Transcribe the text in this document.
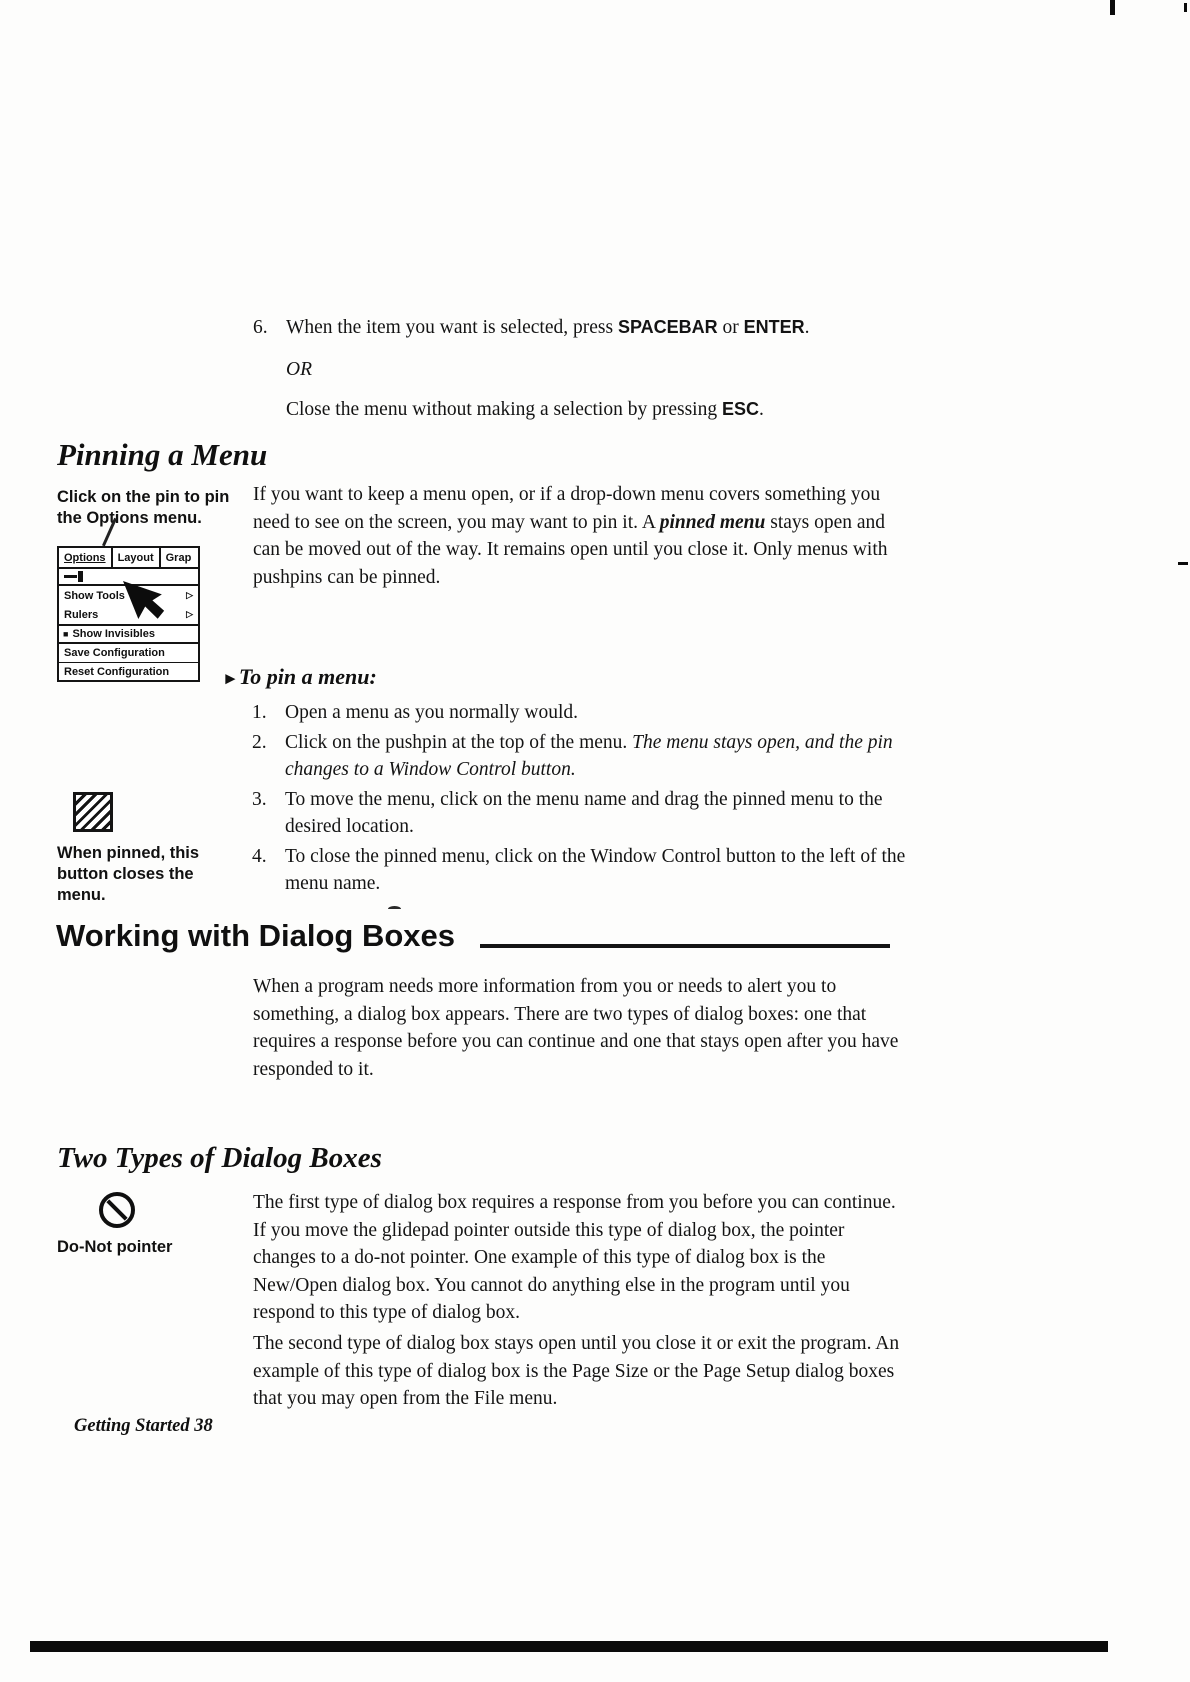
6. When the item you want is selected, press SPACEBAR or ENTER.
OR
Close the menu without making a selection by pressing ESC.
Pinning a Menu
Click on the pin to pin
the Options menu.
Options	Layout	Grap
Show Tools	▷
Rulers	▷
■ Show Invisibles
Save Configuration
Reset Configuration

If you want to keep a menu open, or if a drop-down menu covers something you need to see on the screen, you may want to pin it. A pinned menu stays open and can be moved out of the way. It remains open until you close it. Only menus with pushpins can be pinned.

►To pin a menu:
1. Open a menu as you normally would.
2. Click on the pushpin at the top of the menu. The menu stays open, and the pin changes to a Window Control button.
3. To move the menu, click on the menu name and drag the pinned menu to the desired location.
4. To close the pinned menu, click on the Window Control button to the left of the menu name.
When pinned, this button closes the menu.
Working with Dialog Boxes

When a program needs more information from you or needs to alert you to something, a dialog box appears. There are two types of dialog boxes: one that requires a response before you can continue and one that stays open after you have responded to it.

Two Types of Dialog Boxes
Do-Not pointer

The first type of dialog box requires a response from you before you can continue. If you move the glidepad pointer outside this type of dialog box, the pointer changes to a do-not pointer. One example of this type of dialog box is the New/Open dialog box. You cannot do anything else in the program until you respond to this type of dialog box.

The second type of dialog box stays open until you close it or exit the program. An example of this type of dialog box is the Page Size or the Page Setup dialog boxes that you may open from the File menu.

Getting Started 38
